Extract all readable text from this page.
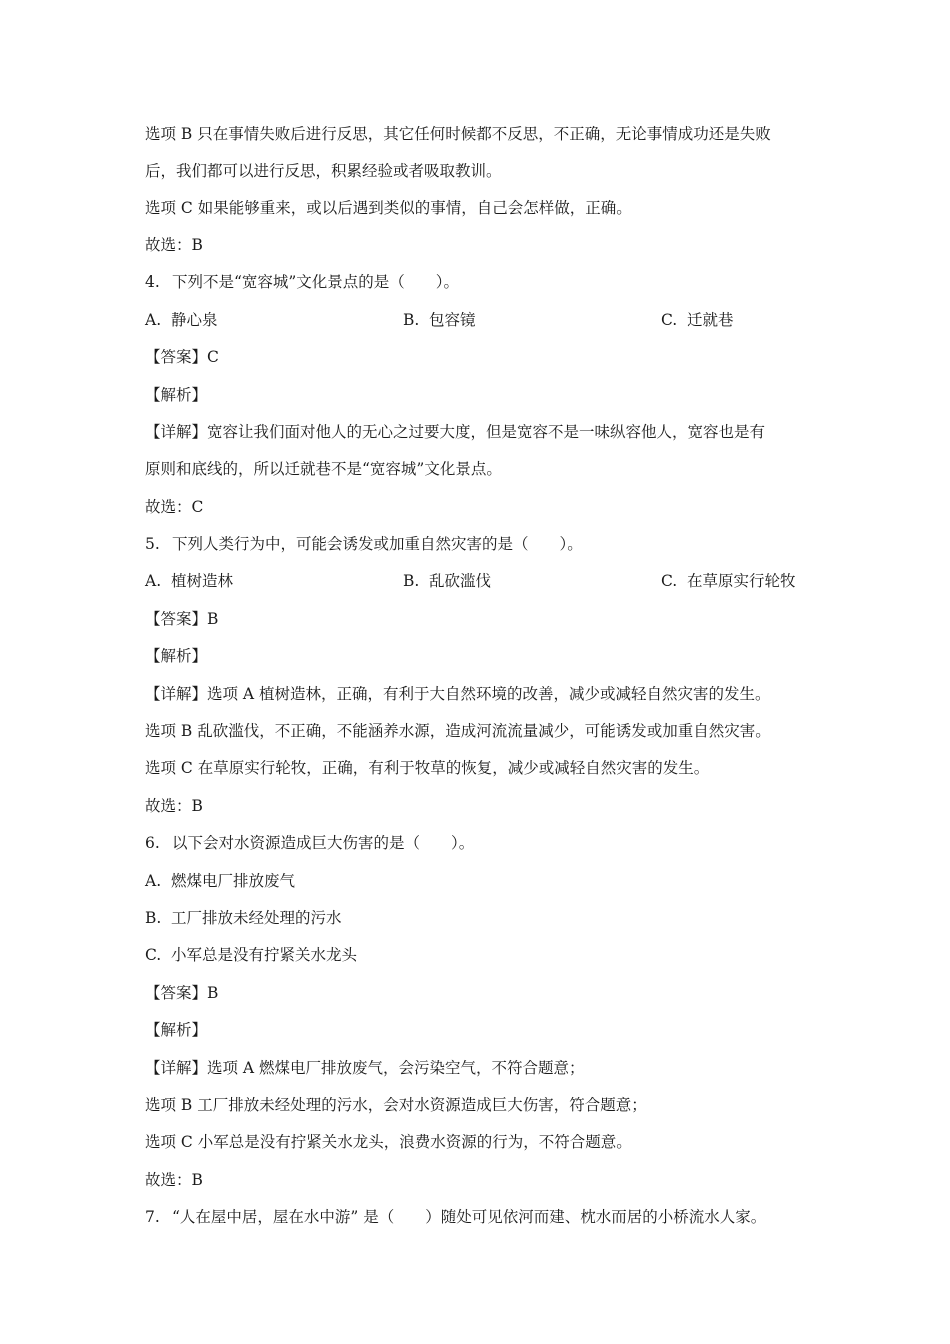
选项 B 只在事情失败后进行反思，其它任何时候都不反思，不正确，无论事情成功还是失败
后，我们都可以进行反思，积累经验或者吸取教训。
选项 C 如果能够重来，或以后遇到类似的事情，自己会怎样做，正确。
故选：B
4. 下列不是“宽容城”文化景点的是（　　）。
A. 静心泉	B. 包容镜	C. 迁就巷
【答案】C
【解析】
【详解】宽容让我们面对他人的无心之过要大度，但是宽容不是一味纵容他人，宽容也是有
原则和底线的，所以迁就巷不是“宽容城”文化景点。
故选：C
5. 下列人类行为中，可能会诱发或加重自然灾害的是（　　）。
A. 植树造林	B. 乱砍滥伐	C. 在草原实行轮牧
【答案】B
【解析】
【详解】选项 A 植树造林，正确，有利于大自然环境的改善，减少或减轻自然灾害的发生。
选项 B 乱砍滥伐，不正确，不能涵养水源，造成河流流量减少，可能诱发或加重自然灾害。
选项 C 在草原实行轮牧，正确，有利于牧草的恢复，减少或减轻自然灾害的发生。
故选：B
6. 以下会对水资源造成巨大伤害的是（　　）。
A. 燃煤电厂排放废气
B. 工厂排放未经处理的污水
C. 小军总是没有拧紧关水龙头
【答案】B
【解析】
【详解】选项 A 燃煤电厂排放废气，会污染空气，不符合题意；
选项 B 工厂排放未经处理的污水，会对水资源造成巨大伤害，符合题意；
选项 C 小军总是没有拧紧关水龙头，浪费水资源的行为，不符合题意。
故选：B
7. “人在屋中居，屋在水中游” 是（　　）随处可见依河而建、枕水而居的小桥流水人家。
